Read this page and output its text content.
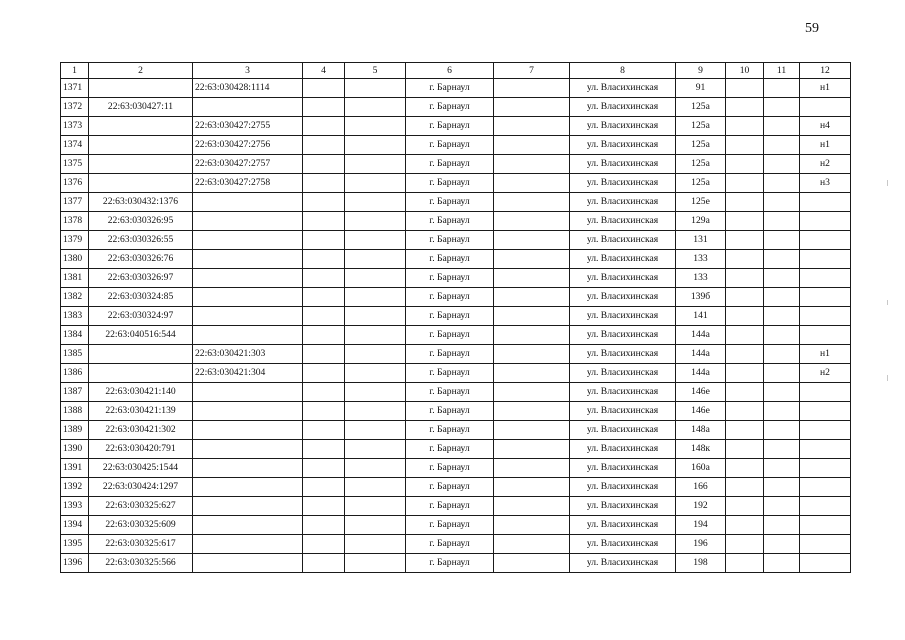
59
1	2	3	4	5	6	7	8	9	10	11	12
1371		22:63:030428:1114			г. Барнаул		ул. Власихинская	91			н1
1372	22:63:030427:11				г. Барнаул		ул. Власихинская	125а			
1373		22:63:030427:2755			г. Барнаул		ул. Власихинская	125а			н4
1374		22:63:030427:2756			г. Барнаул		ул. Власихинская	125а			н1
1375		22:63:030427:2757			г. Барнаул		ул. Власихинская	125а			н2
1376		22:63:030427:2758			г. Барнаул		ул. Власихинская	125а			н3
1377	22:63:030432:1376				г. Барнаул		ул. Власихинская	125е			
1378	22:63:030326:95				г. Барнаул		ул. Власихинская	129а			
1379	22:63:030326:55				г. Барнаул		ул. Власихинская	131			
1380	22:63:030326:76				г. Барнаул		ул. Власихинская	133			
1381	22:63:030326:97				г. Барнаул		ул. Власихинская	133			
1382	22:63:030324:85				г. Барнаул		ул. Власихинская	139б			
1383	22:63:030324:97				г. Барнаул		ул. Власихинская	141			
1384	22:63:040516:544				г. Барнаул		ул. Власихинская	144а			
1385		22:63:030421:303			г. Барнаул		ул. Власихинская	144а			н1
1386		22:63:030421:304			г. Барнаул		ул. Власихинская	144а			н2
1387	22:63:030421:140				г. Барнаул		ул. Власихинская	146е			
1388	22:63:030421:139				г. Барнаул		ул. Власихинская	146е			
1389	22:63:030421:302				г. Барнаул		ул. Власихинская	148а			
1390	22:63:030420:791				г. Барнаул		ул. Власихинская	148к			
1391	22:63:030425:1544				г. Барнаул		ул. Власихинская	160а			
1392	22:63:030424:1297				г. Барнаул		ул. Власихинская	166			
1393	22:63:030325:627				г. Барнаул		ул. Власихинская	192			
1394	22:63:030325:609				г. Барнаул		ул. Власихинская	194			
1395	22:63:030325:617				г. Барнаул		ул. Власихинская	196			
1396	22:63:030325:566				г. Барнаул		ул. Власихинская	198			
